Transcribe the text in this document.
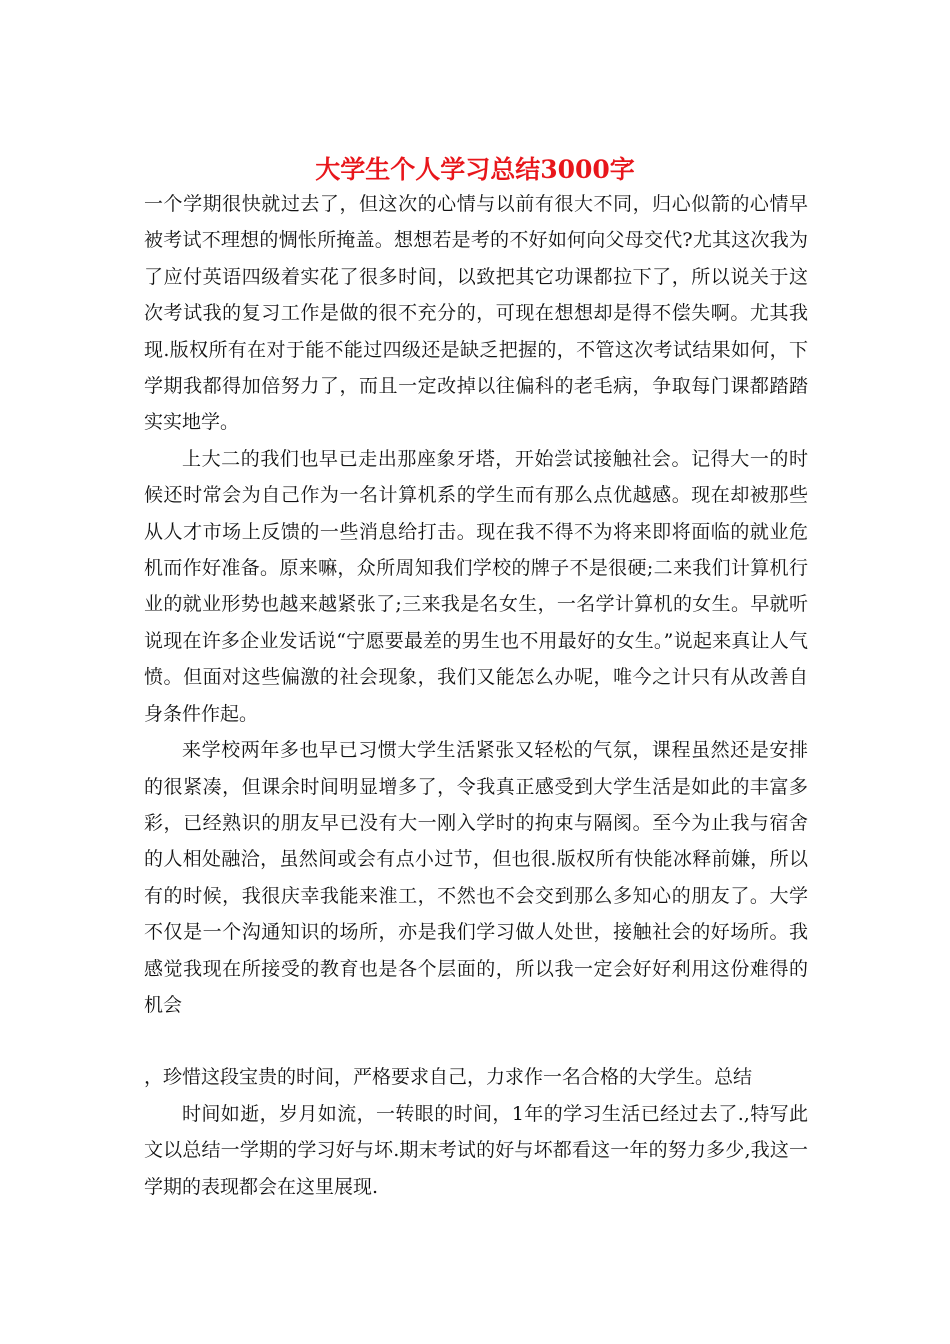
大学生个人学习总结3000字

一个学期很快就过去了，但这次的心情与以前有很大不同，归心似箭的心情早被考试不理想的惆怅所掩盖。想想若是考的不好如何向父母交代?尤其这次我为了应付英语四级着实花了很多时间，以致把其它功课都拉下了，所以说关于这次考试我的复习工作是做的很不充分的，可现在想想却是得不偿失啊。尤其我现.版权所有在对于能不能过四级还是缺乏把握的，不管这次考试结果如何，下学期我都得加倍努力了，而且一定改掉以往偏科的老毛病，争取每门课都踏踏实实地学。

上大二的我们也早已走出那座象牙塔，开始尝试接触社会。记得大一的时候还时常会为自己作为一名计算机系的学生而有那么点优越感。现在却被那些从人才市场上反馈的一些消息给打击。现在我不得不为将来即将面临的就业危机而作好准备。原来嘛，众所周知我们学校的牌子不是很硬;二来我们计算机行业的就业形势也越来越紧张了;三来我是名女生，一名学计算机的女生。早就听说现在许多企业发话说“宁愿要最差的男生也不用最好的女生。”说起来真让人气愤。但面对这些偏激的社会现象，我们又能怎么办呢，唯今之计只有从改善自身条件作起。

来学校两年多也早已习惯大学生活紧张又轻松的气氛，课程虽然还是安排的很紧凑，但课余时间明显增多了，令我真正感受到大学生活是如此的丰富多彩，已经熟识的朋友早已没有大一刚入学时的拘束与隔阂。至今为止我与宿舍的人相处融洽，虽然间或会有点小过节，但也很.版权所有快能冰释前嫌，所以有的时候，我很庆幸我能来淮工，不然也不会交到那么多知心的朋友了。大学不仅是一个沟通知识的场所，亦是我们学习做人处世，接触社会的好场所。我感觉我现在所接受的教育也是各个层面的，所以我一定会好好利用这份难得的机会

，珍惜这段宝贵的时间，严格要求自己，力求作一名合格的大学生。总结

时间如逝，岁月如流，一转眼的时间，1年的学习生活已经过去了.,特写此文以总结一学期的学习好与坏.期末考试的好与坏都看这一年的努力多少,我这一学期的表现都会在这里展现.
